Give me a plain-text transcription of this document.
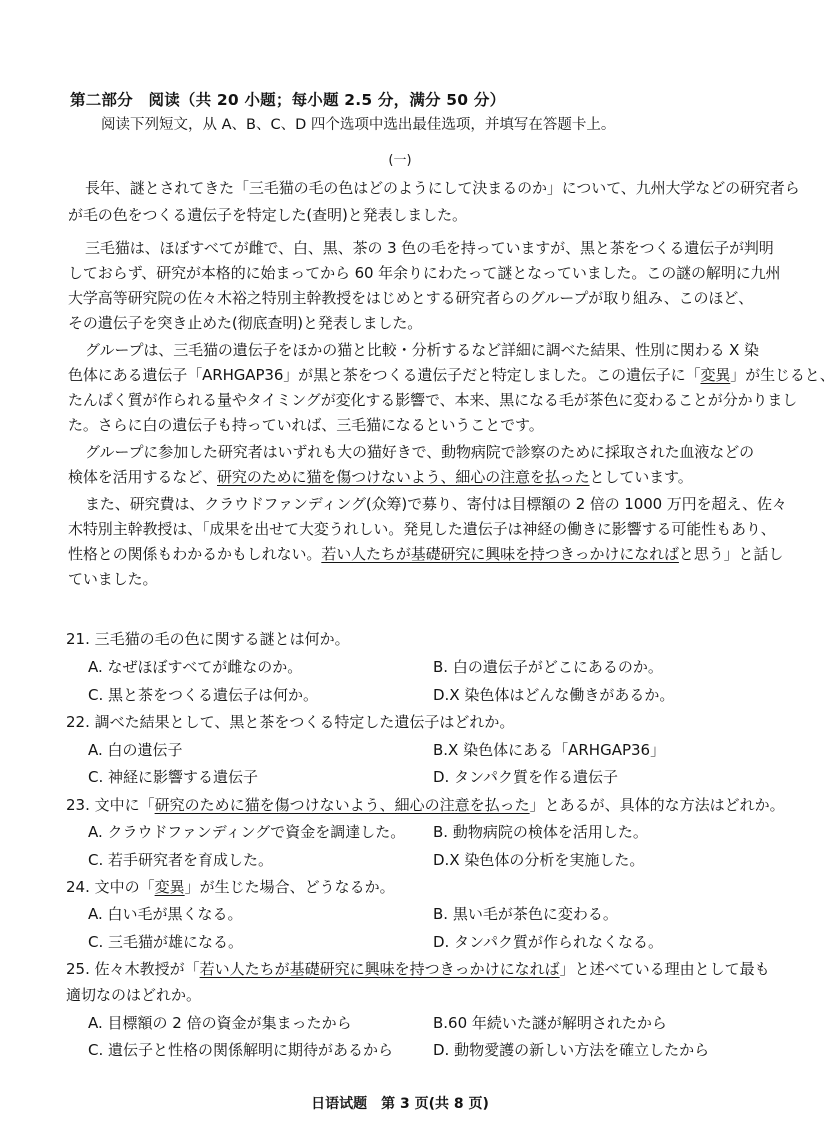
第二部分　阅读（共 20 小题；每小题 2.5 分，满分 50 分）
阅读下列短文，从 A、B、C、D 四个选项中选出最佳选项，并填写在答题卡上。
(一)
長年、謎とされてきた「三毛猫の毛の色はどのようにして決まるのか」について、九州大学などの研究者ら
が毛の色をつくる遺伝子を特定した(查明)と発表しました。
三毛猫は、ほぼすべてが雌で、白、黒、茶の 3 色の毛を持っていますが、黒と茶をつくる遺伝子が判明
しておらず、研究が本格的に始まってから 60 年余りにわたって謎となっていました。この謎の解明に九州
大学高等研究院の佐々木裕之特別主幹教授をはじめとする研究者らのグループが取り組み、このほど、
その遺伝子を突き止めた(彻底查明)と発表しました。
グループは、三毛猫の遺伝子をほかの猫と比較・分析するなど詳細に調べた結果、性別に関わる X 染
色体にある遺伝子「ARHGAP36」が黒と茶をつくる遺伝子だと特定しました。この遺伝子に「変異」が生じると、
たんぱく質が作られる量やタイミングが変化する影響で、本来、黒になる毛が茶色に変わることが分かりまし
た。さらに白の遺伝子も持っていれば、三毛猫になるということです。
グループに参加した研究者はいずれも大の猫好きで、動物病院で診察のために採取された血液などの
検体を活用するなど、研究のために猫を傷つけないよう、細心の注意を払ったとしています。
また、研究費は、クラウドファンディング(众筹)で募り、寄付は目標額の 2 倍の 1000 万円を超え、佐々
木特別主幹教授は、「成果を出せて大変うれしい。発見した遺伝子は神経の働きに影響する可能性もあり、
性格との関係もわかるかもしれない。若い人たちが基礎研究に興味を持つきっかけになればと思う」と話し
ていました。
21. 三毛猫の毛の色に関する謎とは何か。
A. なぜほぼすべてが雌なのか。	B. 白の遺伝子がどこにあるのか。
C. 黒と茶をつくる遺伝子は何か。	D.X 染色体はどんな働きがあるか。
22. 調べた結果として、黒と茶をつくる特定した遺伝子はどれか。
A. 白の遺伝子	B.X 染色体にある「ARHGAP36」
C. 神経に影響する遺伝子	D. タンパク質を作る遺伝子
23. 文中に「研究のために猫を傷つけないよう、細心の注意を払った」とあるが、具体的な方法はどれか。
A. クラウドファンディングで資金を調達した。 B. 動物病院の検体を活用した。
C. 若手研究者を育成した。	D.X 染色体の分析を実施した。
24. 文中の「変異」が生じた場合、どうなるか。
A. 白い毛が黒くなる。	B. 黒い毛が茶色に変わる。
C. 三毛猫が雄になる。	D. タンパク質が作られなくなる。
25. 佐々木教授が「若い人たちが基礎研究に興味を持つきっかけになれば」と述べている理由として最も
適切なのはどれか。
A. 目標額の 2 倍の資金が集まったから	B.60 年続いた謎が解明されたから
C. 遺伝子と性格の関係解明に期待があるから	D. 動物愛護の新しい方法を確立したから
日语试题　第 3 页(共 8 页)
